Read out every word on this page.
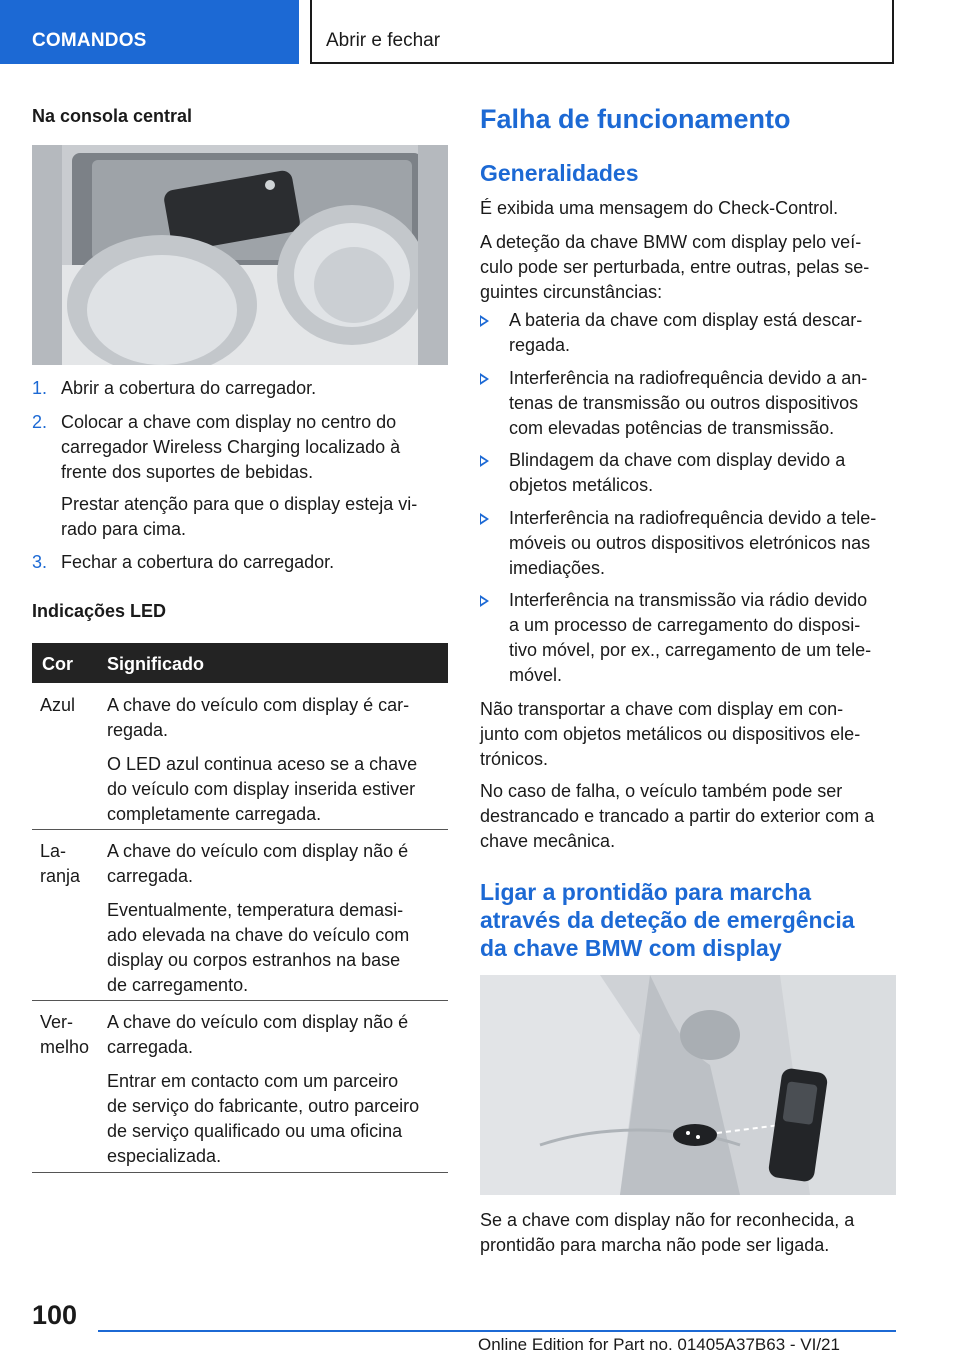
COMANDOS	Abrir e fechar
Na consola central
1. Abrir a cobertura do carregador.
2. Colocar a chave com display no centro do
carregador Wireless Charging localizado à
frente dos suportes de bebidas.
Prestar atenção para que o display esteja vi‐
rado para cima.
3. Fechar a cobertura do carregador.
Indicações LED
Cor Significado
Azul A chave do veículo com display é car‐
regada.
O LED azul continua aceso se a chave
do veículo com display inserida estiver
completamente carregada.
La‐
ranja
A chave do veículo com display não é
carregada.
Eventualmente, temperatura demasi‐
ado elevada na chave do veículo com
display ou corpos estranhos na base
de carregamento.
Ver‐
melho
A chave do veículo com display não é
carregada.
Entrar em contacto com um parceiro
de serviço do fabricante, outro parceiro
de serviço qualificado ou uma oficina
especializada.
Falha de funcionamento
Generalidades
É exibida uma mensagem do Check-Control.
A deteção da chave BMW com display pelo veí‐
culo pode ser perturbada, entre outras, pelas se‐
guintes circunstâncias:
A bateria da chave com display está descar‐
regada.
Interferência na radiofrequência devido a an‐
tenas de transmissão ou outros dispositivos
com elevadas potências de transmissão.
Blindagem da chave com display devido a
objetos metálicos.
Interferência na radiofrequência devido a tele‐
móveis ou outros dispositivos eletrónicos nas
imediações.
Interferência na transmissão via rádio devido
a um processo de carregamento do disposi‐
tivo móvel, por ex., carregamento de um tele‐
móvel.
Não transportar a chave com display em con‐
junto com objetos metálicos ou dispositivos ele‐
trónicos.
No caso de falha, o veículo também pode ser
destrancado e trancado a partir do exterior com a
chave mecânica.
Ligar a prontidão para marcha
através da deteção de emergência
da chave BMW com display
Se a chave com display não for reconhecida, a
prontidão para marcha não pode ser ligada.
100
Online Edition for Part no. 01405A37B63 - VI/21
